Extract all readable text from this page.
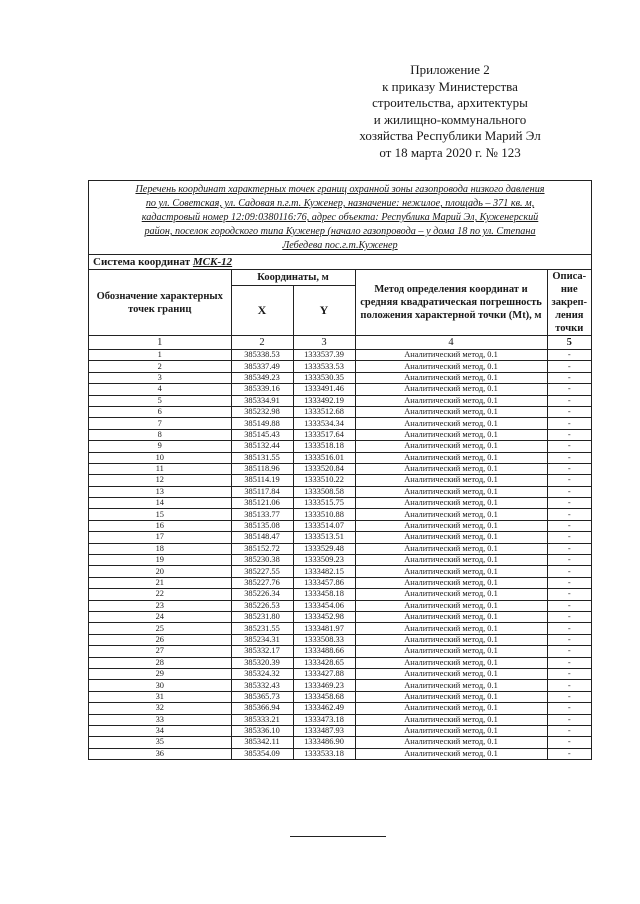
Приложение 2
к приказу Министерства
строительства, архитектуры
и жилищно-коммунального
хозяйства Республики Марий Эл
от 18 марта 2020 г. № 123
Перечень координат характерных точек границ охранной зоны газопровода низкого давления
по ул. Советская, ул. Садовая п.г.т. Куженер, назначение: нежилое, площадь – 371 кв. м,
кадастровый номер 12:09:0380116:76, адрес объекта: Республика Марий Эл, Куженерский
район, поселок городского типа Куженер (начало газопровода – у дома 18 по ул. Степана
Лебедева пос.г.т.Куженер
Система координат МСК-12
Обозначение характерных точек границ	Координаты, м		Метод определения координат и средняя квадратическая погрешность положения характерной точки (Mt), м	Описа-ние закреп-ления точки
	X	Y		
1	2	3	4	5
1	385338.53	1333537.39	Аналитический метод, 0.1	-
2	385337.49	1333533.53	Аналитический метод, 0.1	-
3	385349.23	1333530.35	Аналитический метод, 0.1	-
4	385339.16	1333491.46	Аналитический метод, 0.1	-
5	385334.91	1333492.19	Аналитический метод, 0.1	-
6	385232.98	1333512.68	Аналитический метод, 0.1	-
7	385149.88	1333534.34	Аналитический метод, 0.1	-
8	385145.43	1333517.64	Аналитический метод, 0.1	-
9	385132.44	1333518.18	Аналитический метод, 0.1	-
10	385131.55	1333516.01	Аналитический метод, 0.1	-
11	385118.96	1333520.84	Аналитический метод, 0.1	-
12	385114.19	1333510.22	Аналитический метод, 0.1	-
13	385117.84	1333508.58	Аналитический метод, 0.1	-
14	385121.06	1333515.75	Аналитический метод, 0.1	-
15	385133.77	1333510.88	Аналитический метод, 0.1	-
16	385135.08	1333514.07	Аналитический метод, 0.1	-
17	385148.47	1333513.51	Аналитический метод, 0.1	-
18	385152.72	1333529.48	Аналитический метод, 0.1	-
19	385230.38	1333509.23	Аналитический метод, 0.1	-
20	385227.55	1333482.15	Аналитический метод, 0.1	-
21	385227.76	1333457.86	Аналитический метод, 0.1	-
22	385226.34	1333458.18	Аналитический метод, 0.1	-
23	385226.53	1333454.06	Аналитический метод, 0.1	-
24	385231.80	1333452.98	Аналитический метод, 0.1	-
25	385231.55	1333481.97	Аналитический метод, 0.1	-
26	385234.31	1333508.33	Аналитический метод, 0.1	-
27	385332.17	1333488.66	Аналитический метод, 0.1	-
28	385320.39	1333428.65	Аналитический метод, 0.1	-
29	385324.32	1333427.88	Аналитический метод, 0.1	-
30	385332.43	1333469.23	Аналитический метод, 0.1	-
31	385365.73	1333458.68	Аналитический метод, 0.1	-
32	385366.94	1333462.49	Аналитический метод, 0.1	-
33	385333.21	1333473.18	Аналитический метод, 0.1	-
34	385336.10	1333487.93	Аналитический метод, 0.1	-
35	385342.11	1333486.90	Аналитический метод, 0.1	-
36	385354.09	1333533.18	Аналитический метод, 0.1	-
